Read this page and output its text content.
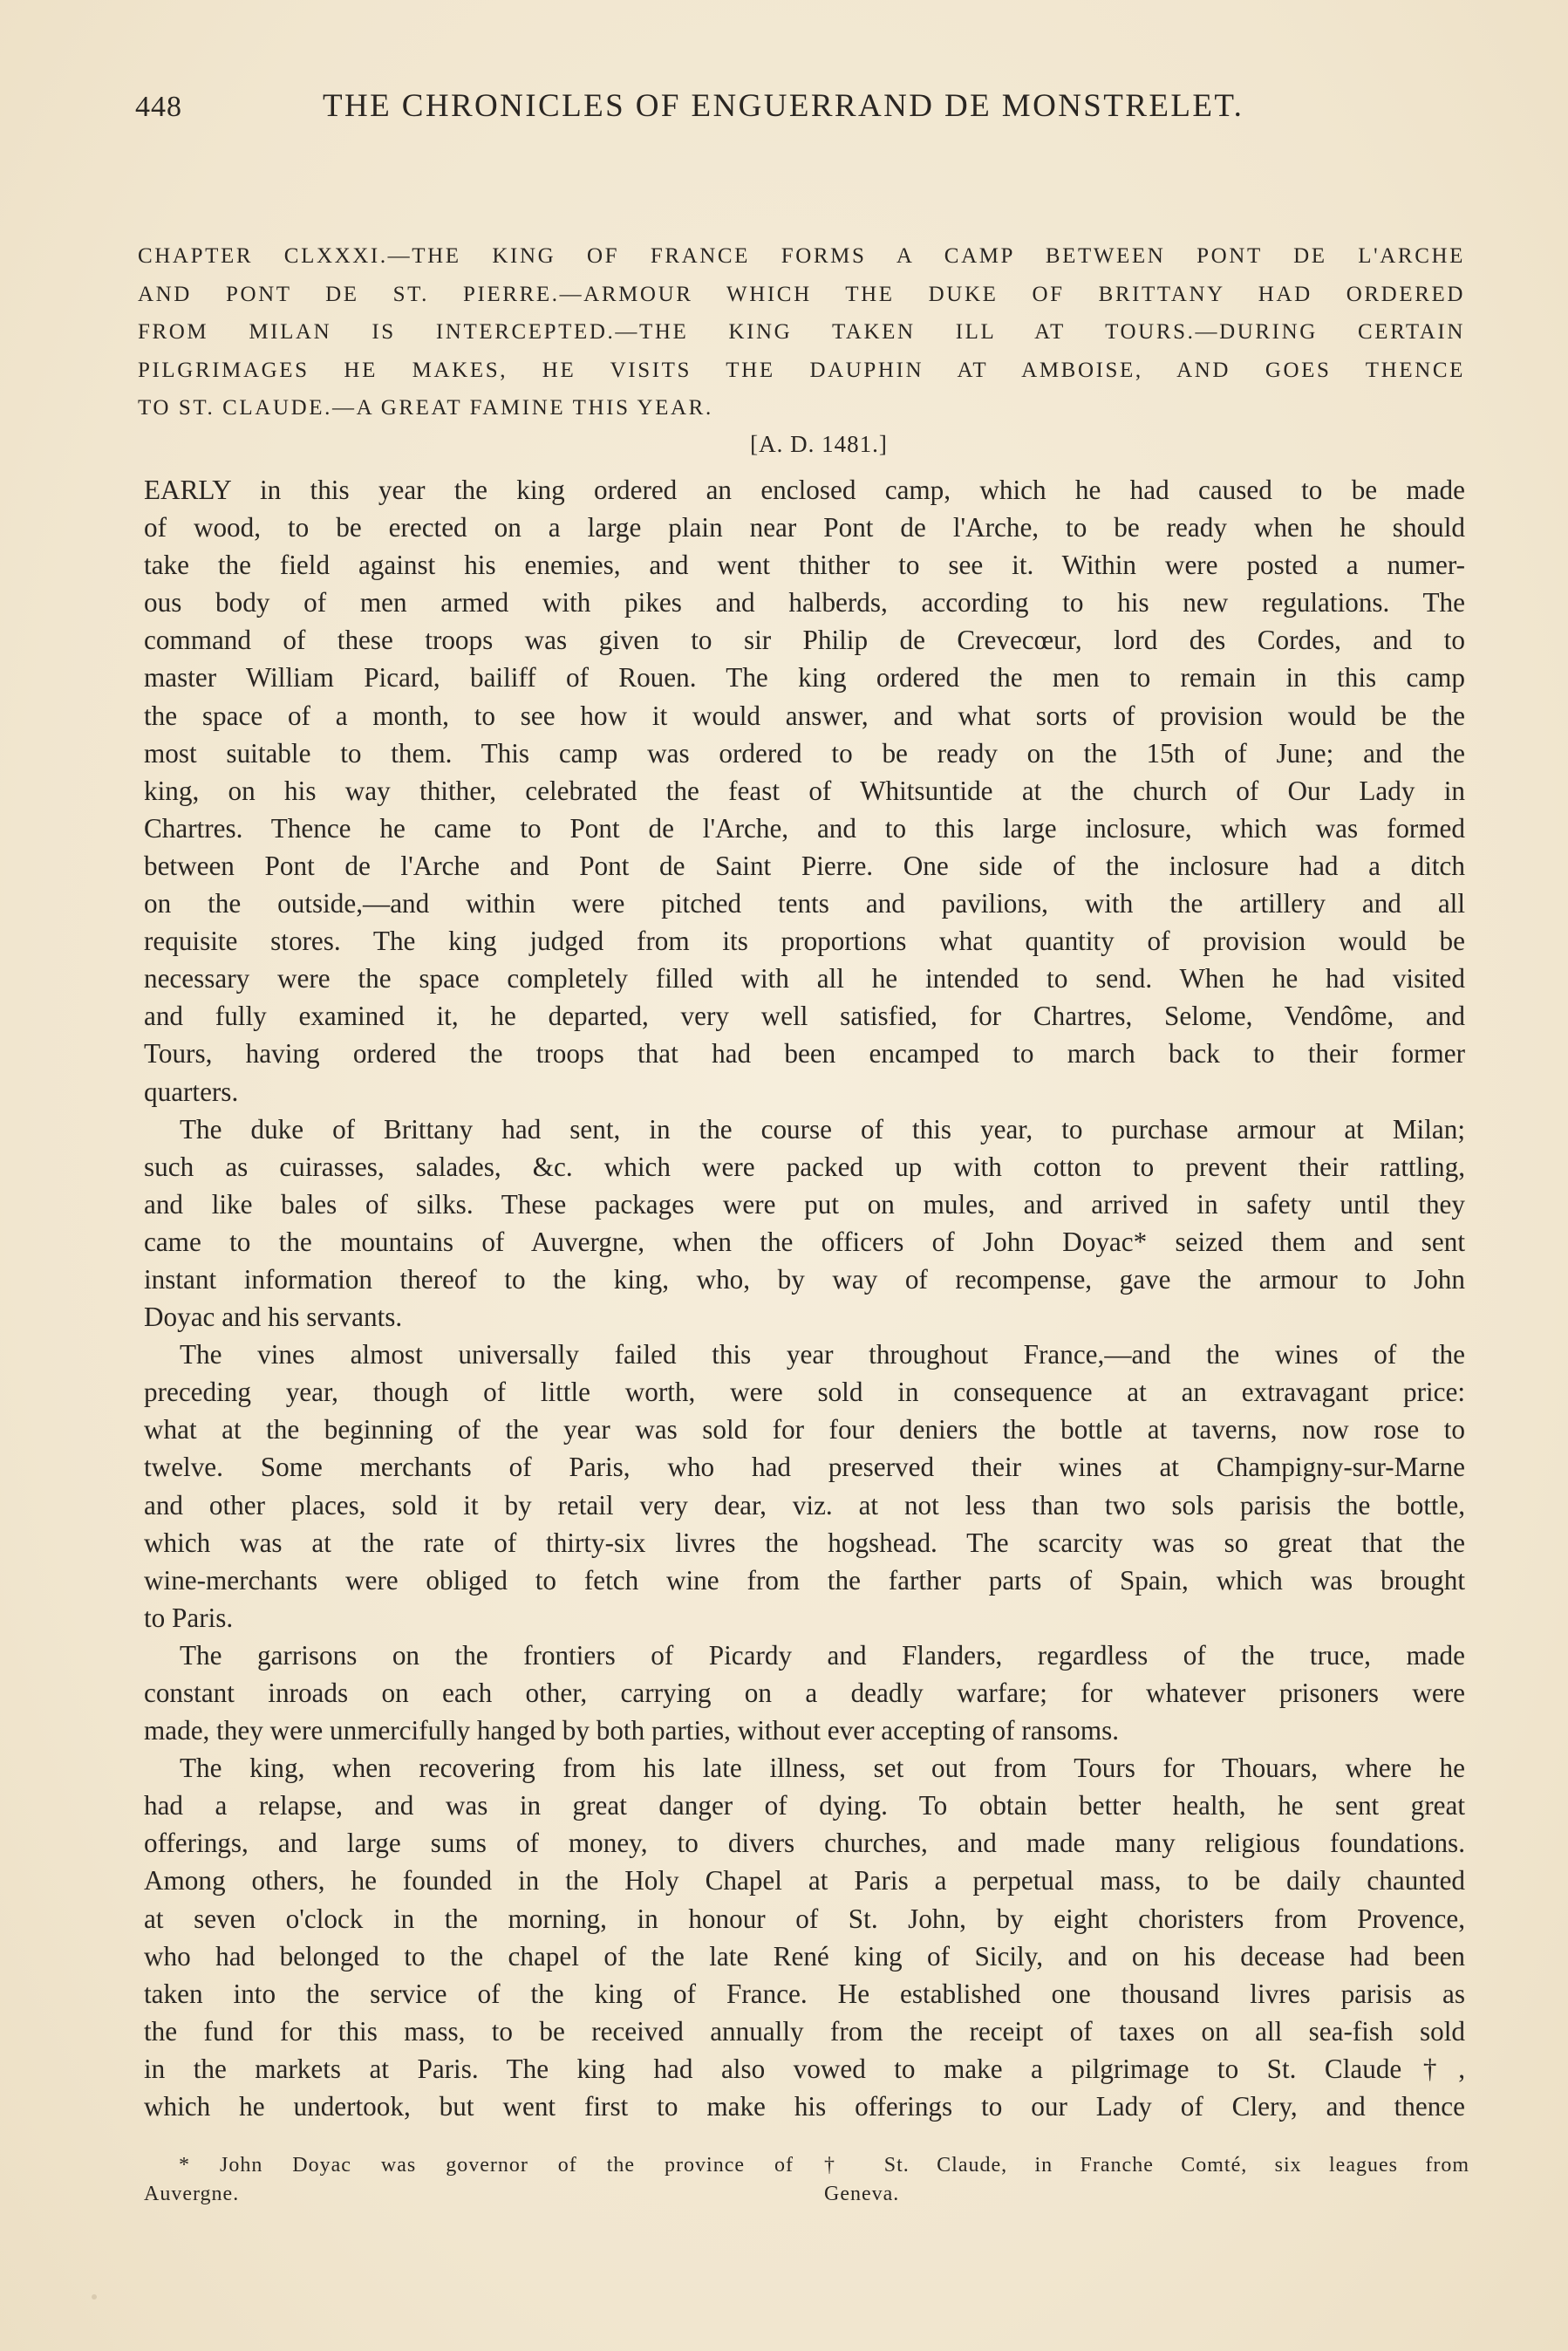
448	THE CHRONICLES OF ENGUERRAND DE MONSTRELET.
CHAPTER CLXXXI.—THE KING OF FRANCE FORMS A CAMP BETWEEN PONT DE L'ARCHE
AND PONT DE ST. PIERRE.—ARMOUR WHICH THE DUKE OF BRITTANY HAD ORDERED
FROM MILAN IS INTERCEPTED.—THE KING TAKEN ILL AT TOURS.—DURING CERTAIN
PILGRIMAGES HE MAKES, HE VISITS THE DAUPHIN AT AMBOISE, AND GOES THENCE
TO ST. CLAUDE.—A GREAT FAMINE THIS YEAR.
[A. D. 1481.]
EARLY in this year the king ordered an enclosed camp, which he had caused to be made
of wood, to be erected on a large plain near Pont de l'Arche, to be ready when he should
take the field against his enemies, and went thither to see it. Within were posted a numer-
ous body of men armed with pikes and halberds, according to his new regulations. The
command of these troops was given to sir Philip de Crevecœur, lord des Cordes, and to
master William Picard, bailiff of Rouen. The king ordered the men to remain in this camp
the space of a month, to see how it would answer, and what sorts of provision would be the
most suitable to them. This camp was ordered to be ready on the 15th of June; and the
king, on his way thither, celebrated the feast of Whitsuntide at the church of Our Lady in
Chartres. Thence he came to Pont de l'Arche, and to this large inclosure, which was formed
between Pont de l'Arche and Pont de Saint Pierre. One side of the inclosure had a ditch
on the outside,—and within were pitched tents and pavilions, with the artillery and all
requisite stores. The king judged from its proportions what quantity of provision would be
necessary were the space completely filled with all he intended to send. When he had visited
and fully examined it, he departed, very well satisfied, for Chartres, Selome, Vendôme, and
Tours, having ordered the troops that had been encamped to march back to their former
quarters.
The duke of Brittany had sent, in the course of this year, to purchase armour at Milan;
such as cuirasses, salades, &c. which were packed up with cotton to prevent their rattling,
and like bales of silks. These packages were put on mules, and arrived in safety until they
came to the mountains of Auvergne, when the officers of John Doyac* seized them and sent
instant information thereof to the king, who, by way of recompense, gave the armour to John
Doyac and his servants.
The vines almost universally failed this year throughout France,—and the wines of the
preceding year, though of little worth, were sold in consequence at an extravagant price:
what at the beginning of the year was sold for four deniers the bottle at taverns, now rose to
twelve. Some merchants of Paris, who had preserved their wines at Champigny-sur-Marne
and other places, sold it by retail very dear, viz. at not less than two sols parisis the bottle,
which was at the rate of thirty-six livres the hogshead. The scarcity was so great that the
wine-merchants were obliged to fetch wine from the farther parts of Spain, which was brought
to Paris.
The garrisons on the frontiers of Picardy and Flanders, regardless of the truce, made
constant inroads on each other, carrying on a deadly warfare; for whatever prisoners were
made, they were unmercifully hanged by both parties, without ever accepting of ransoms.
The king, when recovering from his late illness, set out from Tours for Thouars, where he
had a relapse, and was in great danger of dying. To obtain better health, he sent great
offerings, and large sums of money, to divers churches, and made many religious foundations.
Among others, he founded in the Holy Chapel at Paris a perpetual mass, to be daily chaunted
at seven o'clock in the morning, in honour of St. John, by eight choristers from Provence,
who had belonged to the chapel of the late René king of Sicily, and on his decease had been
taken into the service of the king of France. He established one thousand livres parisis as
the fund for this mass, to be received annually from the receipt of taxes on all sea-fish sold
in the markets at Paris. The king had also vowed to make a pilgrimage to St. Claude†,
which he undertook, but went first to make his offerings to our Lady of Clery, and thence
* John Doyac was governor of the province of
Auvergne.
† St. Claude, in Franche Comté, six leagues from
Geneva.
